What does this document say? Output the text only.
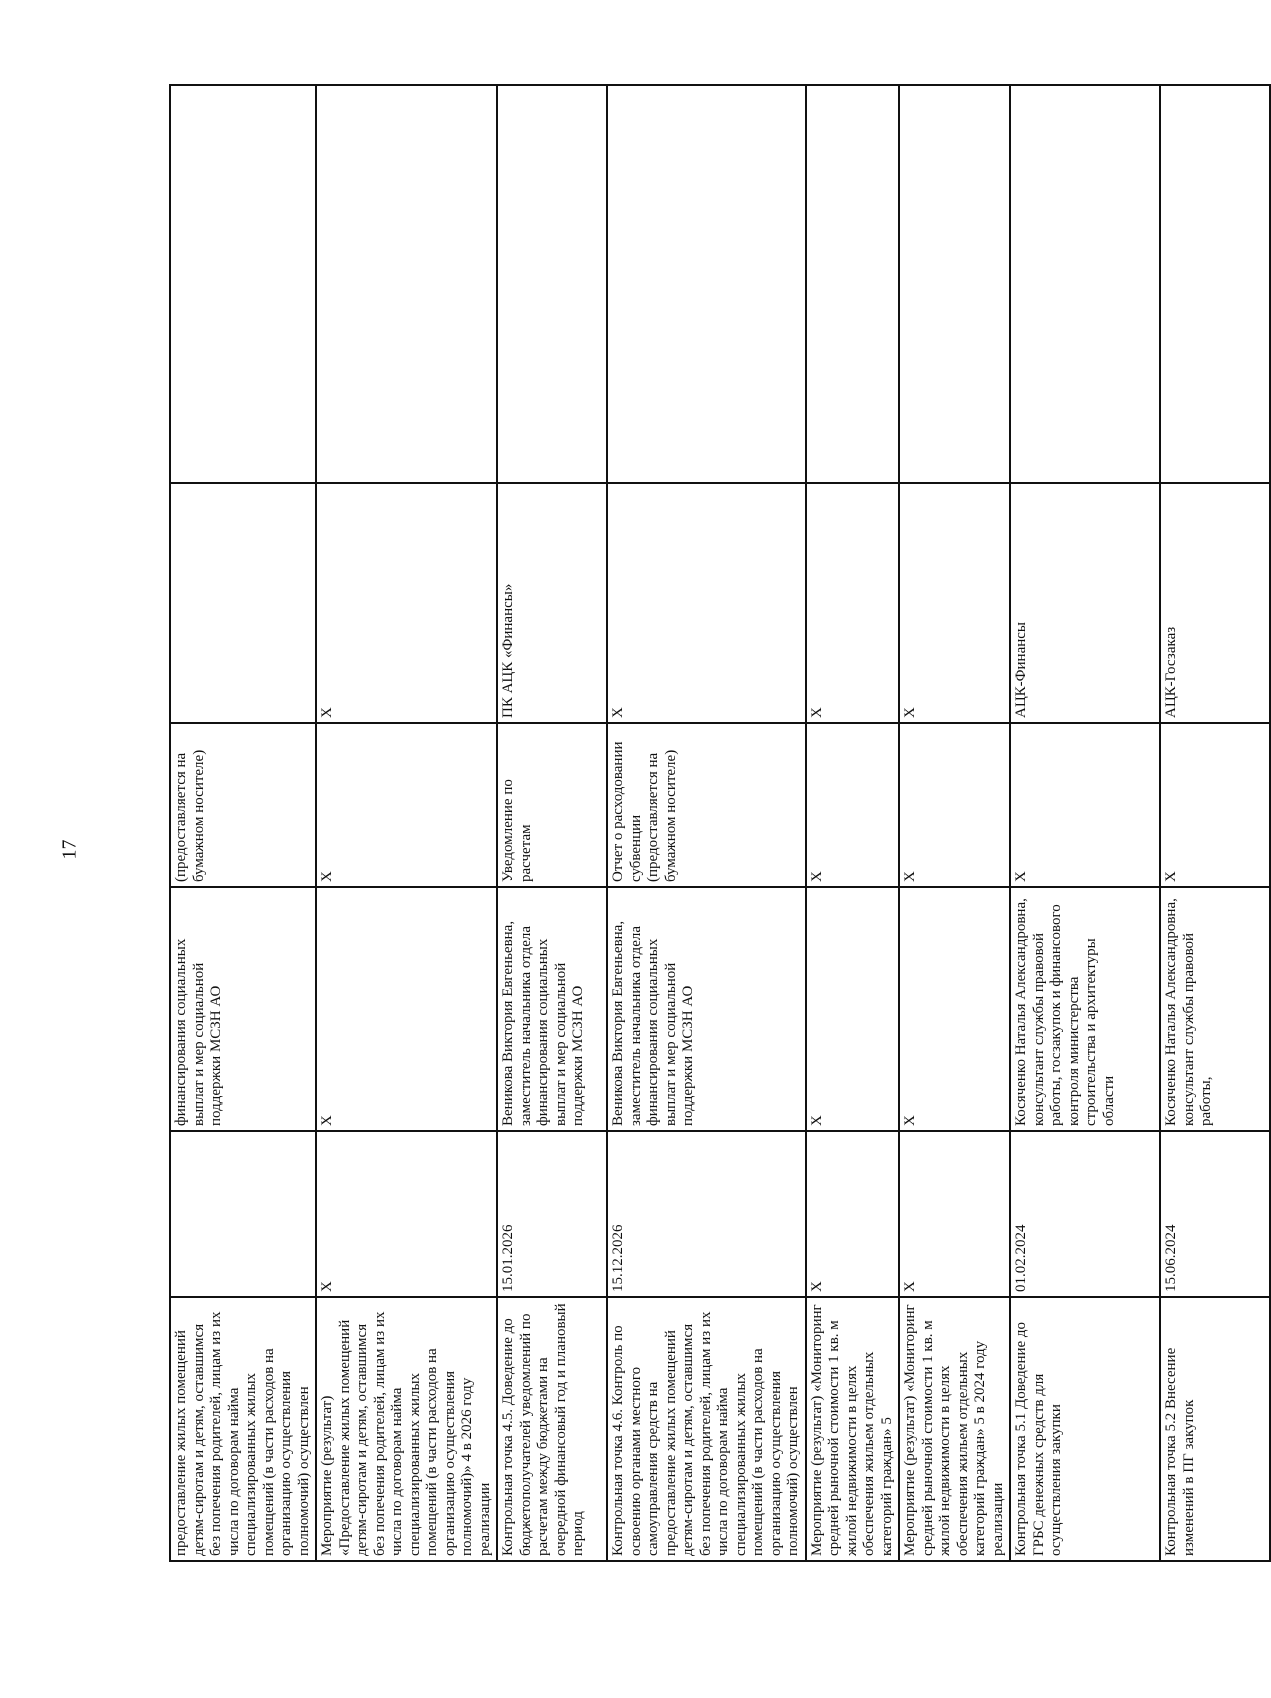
17
предоставление жилых помещений детям-сиротам и детям, оставшимся без попечения родителей, лицам из их числа по договорам найма специализированных жилых помещений (в части расходов на организацию осуществления полномочий) осуществлен		финансирования социальных выплат и мер социальной поддержки МСЗН АО	(предоставляется на бумажном носителе)		
Мероприятие (результат) «Предоставление жилых помещений детям-сиротам и детям, оставшимся без попечения родителей, лицам из их числа по договорам найма специализированных жилых помещений (в части расходов на организацию осуществления полномочий)» 4 в 2026 году реализации	X	X	X	X	
Контрольная точка 4.5. Доведение до бюджетополучателей уведомлений по расчетам между бюджетами на очередной финансовый год и плановый период	15.01.2026	Веникова Виктория Евгеньевна, заместитель начальника отдела финансирования социальных выплат и мер социальной поддержки МСЗН АО	Уведомление по расчетам	ПК АЦК «Финансы»	
Контрольная точка 4.6. Контроль по освоению органами местного самоуправления средств на предоставление жилых помещений детям-сиротам и детям, оставшимся без попечения родителей, лицам из их числа по договорам найма специализированных жилых помещений (в части расходов на организацию осуществления полномочий) осуществлен	15.12.2026	Веникова Виктория Евгеньевна, заместитель начальника отдела финансирования социальных выплат и мер социальной поддержки МСЗН АО	Отчет о расходовании субвенции (предоставляется на бумажном носителе)	X	
Мероприятие (результат) «Мониторинг средней рыночной стоимости 1 кв. м жилой недвижимости в целях обеспечения жильем отдельных категорий граждан» 5	X	X	X	X	
Мероприятие (результат) «Мониторинг средней рыночной стоимости 1 кв. м жилой недвижимости в целях обеспечения жильем отдельных категорий граждан» 5 в 2024 году реализации	X	X	X	X	
Контрольная точка 5.1 Доведение до ГРБС денежных средств для осуществления закупки	01.02.2024	Косяченко Наталья Александровна, консультант службы правовой работы, госзакупок и финансового контроля министерства строительства и архитектуры области	X	АЦК-Финансы	
Контрольная точка 5.2 Внесение изменений в ПГ закупок	15.06.2024	Косяченко Наталья Александровна, консультант службы правовой работы,	X	АЦК-Госзаказ	
